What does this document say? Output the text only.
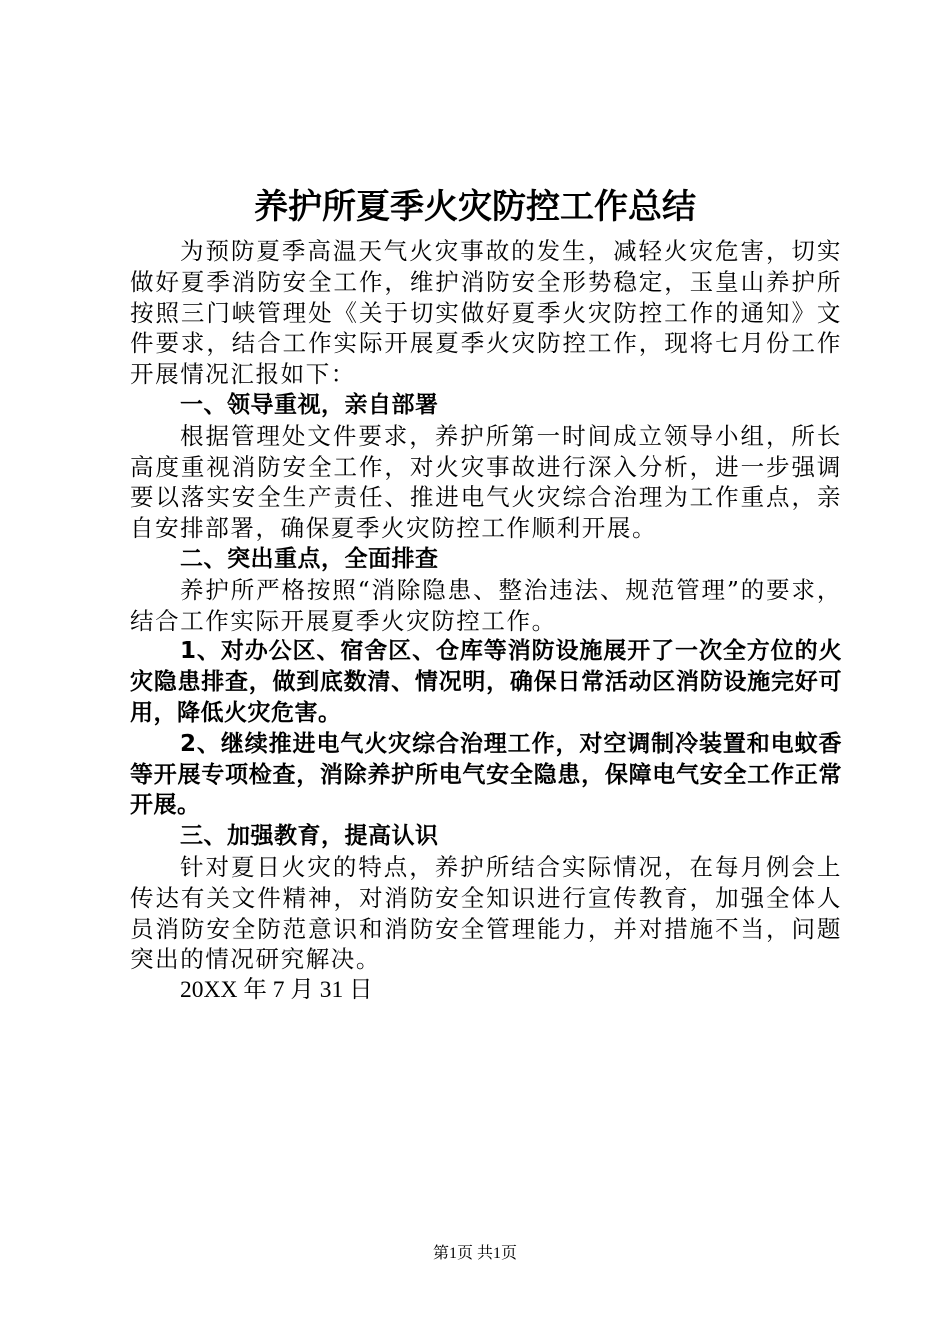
养护所夏季火灾防控工作总结

为预防夏季高温天气火灾事故的发生，减轻火灾危害，切实做好夏季消防安全工作，维护消防安全形势稳定，玉皇山养护所按照三门峡管理处《关于切实做好夏季火灾防控工作的通知》文件要求，结合工作实际开展夏季火灾防控工作，现将七月份工作开展情况汇报如下：

一、领导重视，亲自部署

根据管理处文件要求，养护所第一时间成立领导小组，所长高度重视消防安全工作，对火灾事故进行深入分析，进一步强调要以落实安全生产责任、推进电气火灾综合治理为工作重点，亲自安排部署，确保夏季火灾防控工作顺利开展。

二、突出重点，全面排查

养护所严格按照“消除隐患、整治违法、规范管理”的要求，结合工作实际开展夏季火灾防控工作。

1、对办公区、宿舍区、仓库等消防设施展开了一次全方位的火灾隐患排查，做到底数清、情况明，确保日常活动区消防设施完好可用，降低火灾危害。

2、继续推进电气火灾综合治理工作，对空调制冷装置和电蚊香等开展专项检查，消除养护所电气安全隐患，保障电气安全工作正常开展。

三、加强教育，提高认识

针对夏日火灾的特点，养护所结合实际情况，在每月例会上传达有关文件精神，对消防安全知识进行宣传教育，加强全体人员消防安全防范意识和消防安全管理能力，并对措施不当，问题突出的情况研究解决。

20XX 年 7 月 31 日

第1页 共1页
